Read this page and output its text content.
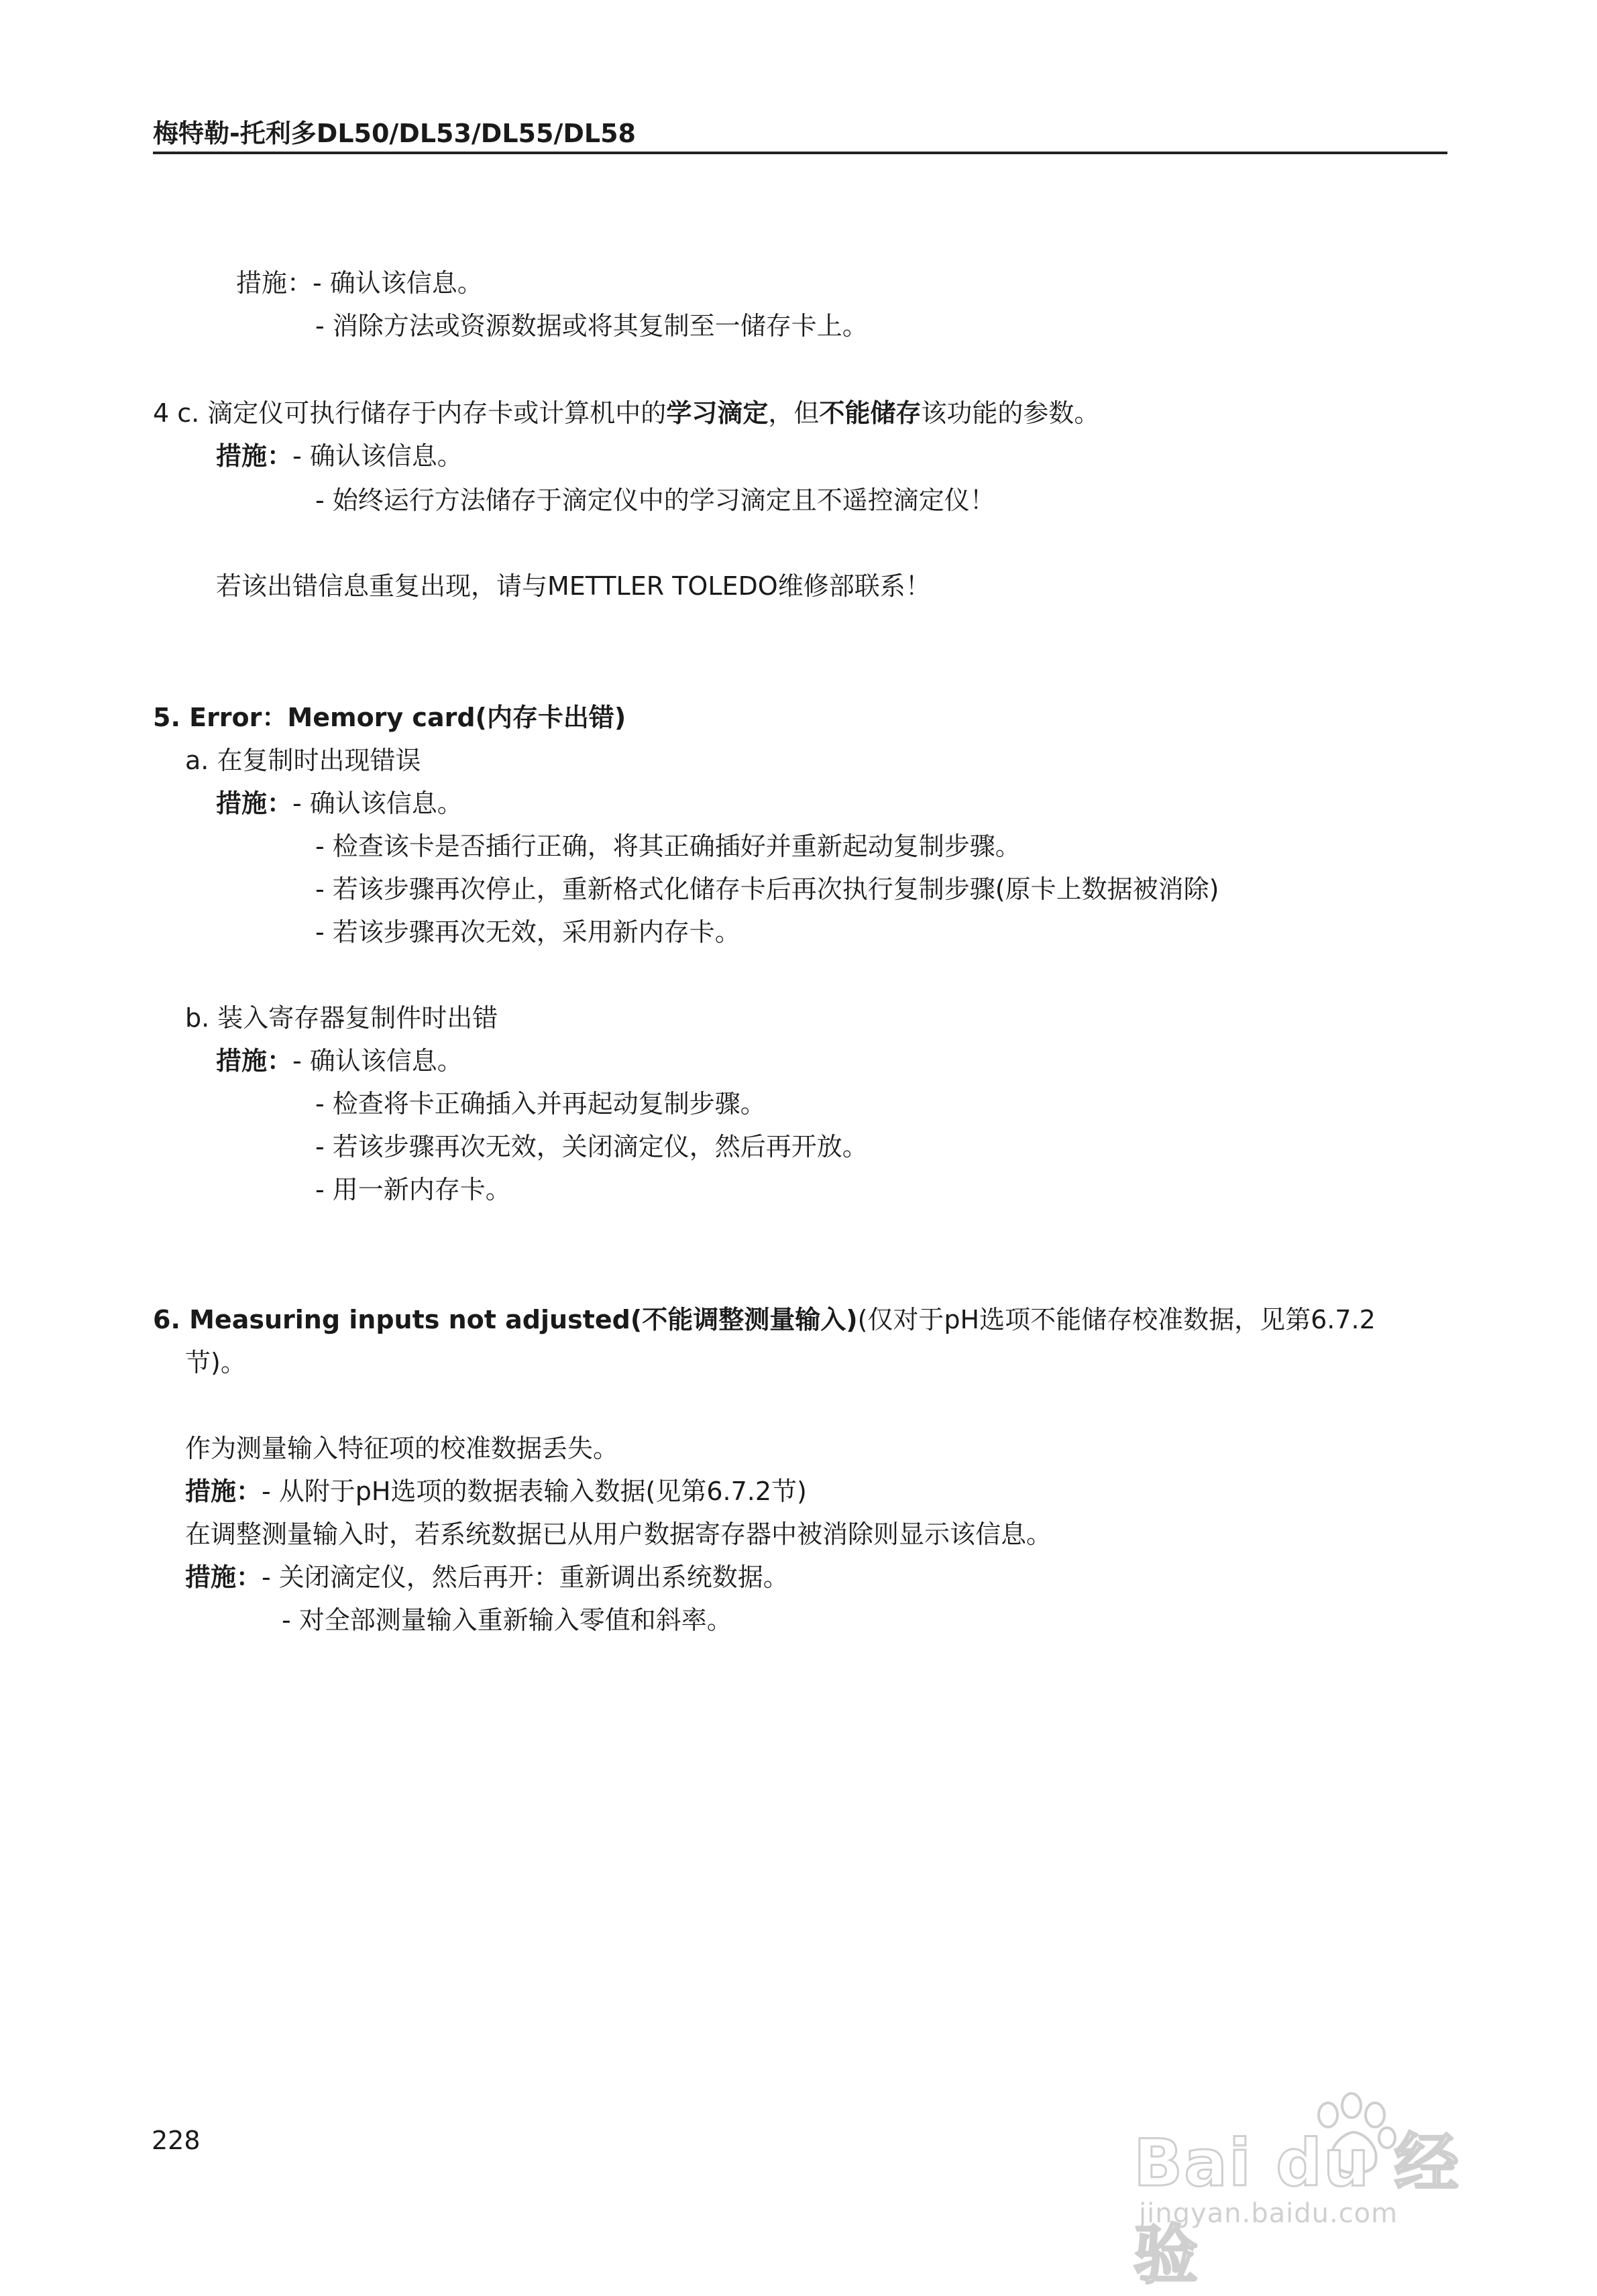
梅特勒-托利多DL50/DL53/DL55/DL58
措施：- 确认该信息。
- 消除方法或资源数据或将其复制至一储存卡上。
4 c. 滴定仪可执行储存于内存卡或计算机中的学习滴定，但不能储存该功能的参数。
措施：- 确认该信息。
- 始终运行方法储存于滴定仪中的学习滴定且不遥控滴定仪！
若该出错信息重复出现，请与METTLER TOLEDO维修部联系！
5. Error：Memory card(内存卡出错)
a. 在复制时出现错误
措施：- 确认该信息。
- 检查该卡是否插行正确，将其正确插好并重新起动复制步骤。
- 若该步骤再次停止，重新格式化储存卡后再次执行复制步骤(原卡上数据被消除)
- 若该步骤再次无效，采用新内存卡。
b. 装入寄存器复制件时出错
措施：- 确认该信息。
- 检查将卡正确插入并再起动复制步骤。
- 若该步骤再次无效，关闭滴定仪，然后再开放。
- 用一新内存卡。
6. Measuring inputs not adjusted(不能调整测量输入)(仅对于pH选项不能储存校准数据，见第6.7.2
节)。
作为测量输入特征项的校准数据丢失。
措施：- 从附于pH选项的数据表输入数据(见第6.7.2节)
在调整测量输入时，若系统数据已从用户数据寄存器中被消除则显示该信息。
措施：- 关闭滴定仪，然后再开：重新调出系统数据。
- 对全部测量输入重新输入零值和斜率。
228	Bai du 经验
jingyan.baidu.com
